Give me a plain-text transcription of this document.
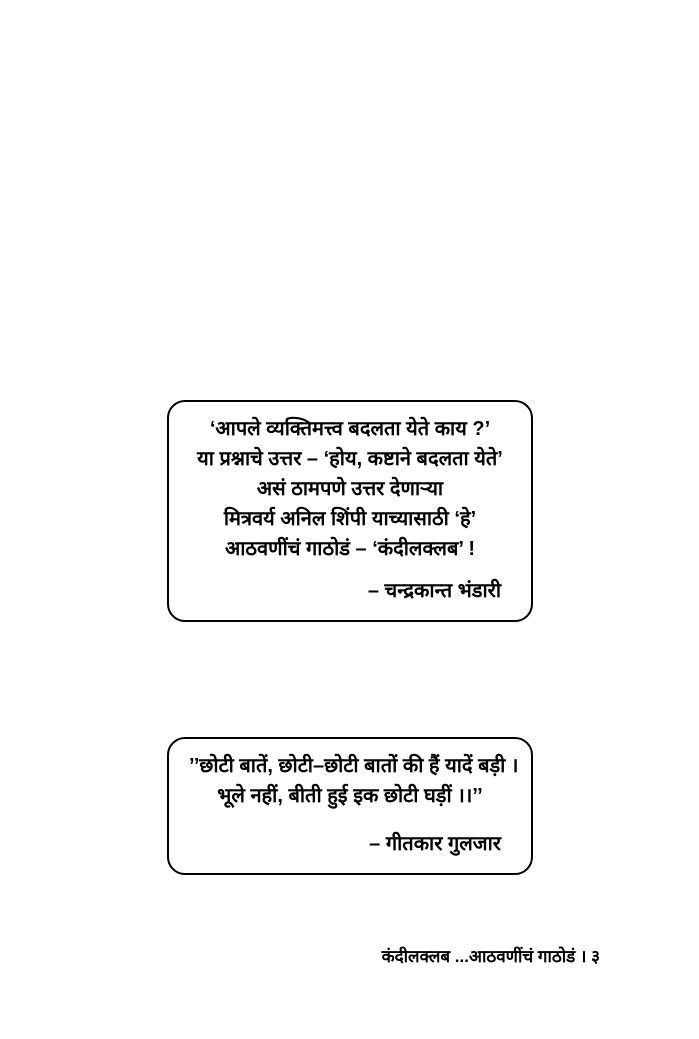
‘आपले व्यक्तिमत्त्व बदलता येते काय ?’
या प्रश्नाचे उत्तर – ‘होय, कष्टाने बदलता येते’
असं ठामपणे उत्तर देणाऱ्या
मित्रवर्य अनिल शिंपी याच्यासाठी ‘हे’
आठवणींचं गाठोडं – ‘कंदीलक्लब’ !
– चन्द्रकान्त भंडारी
’’छोटी बातें, छोटी–छोटी बातों की हैं यादें बड़ी ।
भूले नहीं, बीती हुई इक छोटी घड़ीं ।।’’
– गीतकार गुलजार
कंदीलक्लब ...आठवणींचं गाठोडं । ३
